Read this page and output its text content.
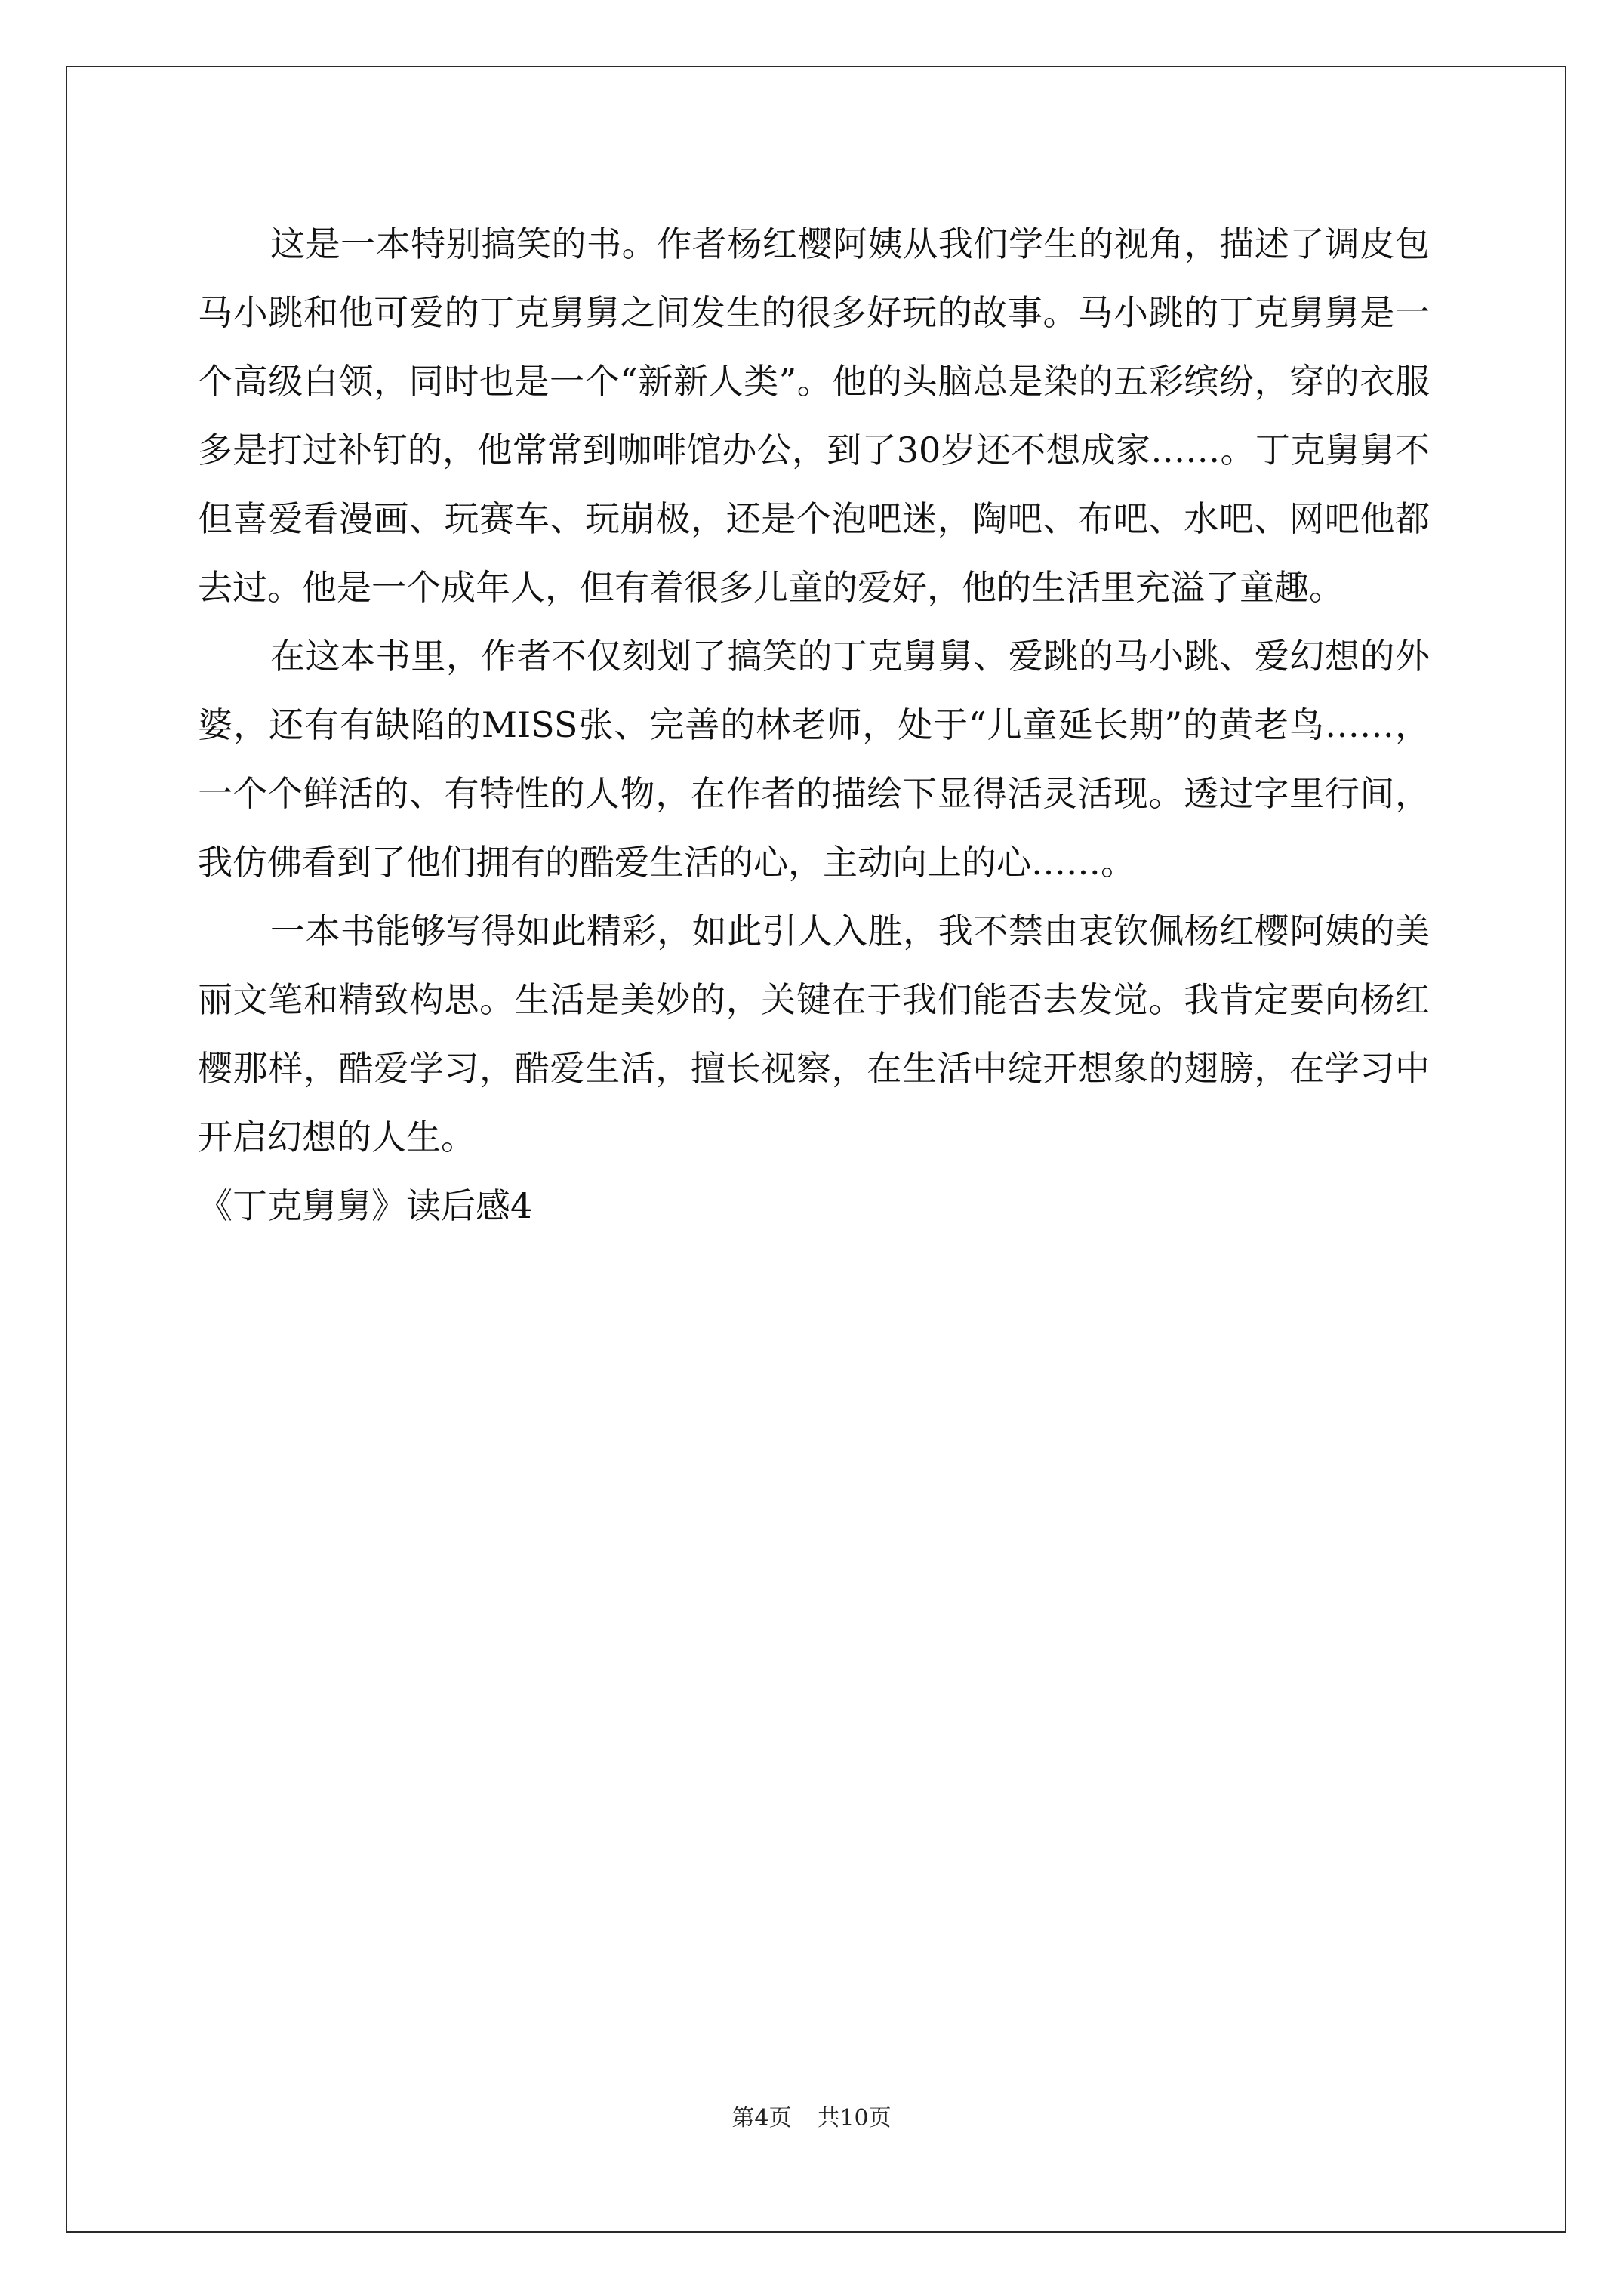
这是一本特别搞笑的书。作者杨红樱阿姨从我们学生的视角，描述了调皮包马小跳和他可爱的丁克舅舅之间发生的很多好玩的故事。马小跳的丁克舅舅是一个高级白领，同时也是一个“新新人类”。他的头脑总是染的五彩缤纷，穿的衣服多是打过补钉的，他常常到咖啡馆办公，到了30岁还不想成家……。丁克舅舅不但喜爱看漫画、玩赛车、玩崩极，还是个泡吧迷，陶吧、布吧、水吧、网吧他都去过。他是一个成年人，但有着很多儿童的爱好，他的生活里充溢了童趣。

在这本书里，作者不仅刻划了搞笑的丁克舅舅、爱跳的马小跳、爱幻想的外婆，还有有缺陷的MISS张、完善的林老师，处于“儿童延长期”的黄老鸟……，一个个鲜活的、有特性的人物，在作者的描绘下显得活灵活现。透过字里行间，我仿佛看到了他们拥有的酷爱生活的心，主动向上的心……。

一本书能够写得如此精彩，如此引人入胜，我不禁由衷钦佩杨红樱阿姨的美丽文笔和精致构思。生活是美妙的，关键在于我们能否去发觉。我肯定要向杨红樱那样，酷爱学习，酷爱生活，擅长视察，在生活中绽开想象的翅膀，在学习中开启幻想的人生。

《丁克舅舅》读后感4
第4页 共10页
